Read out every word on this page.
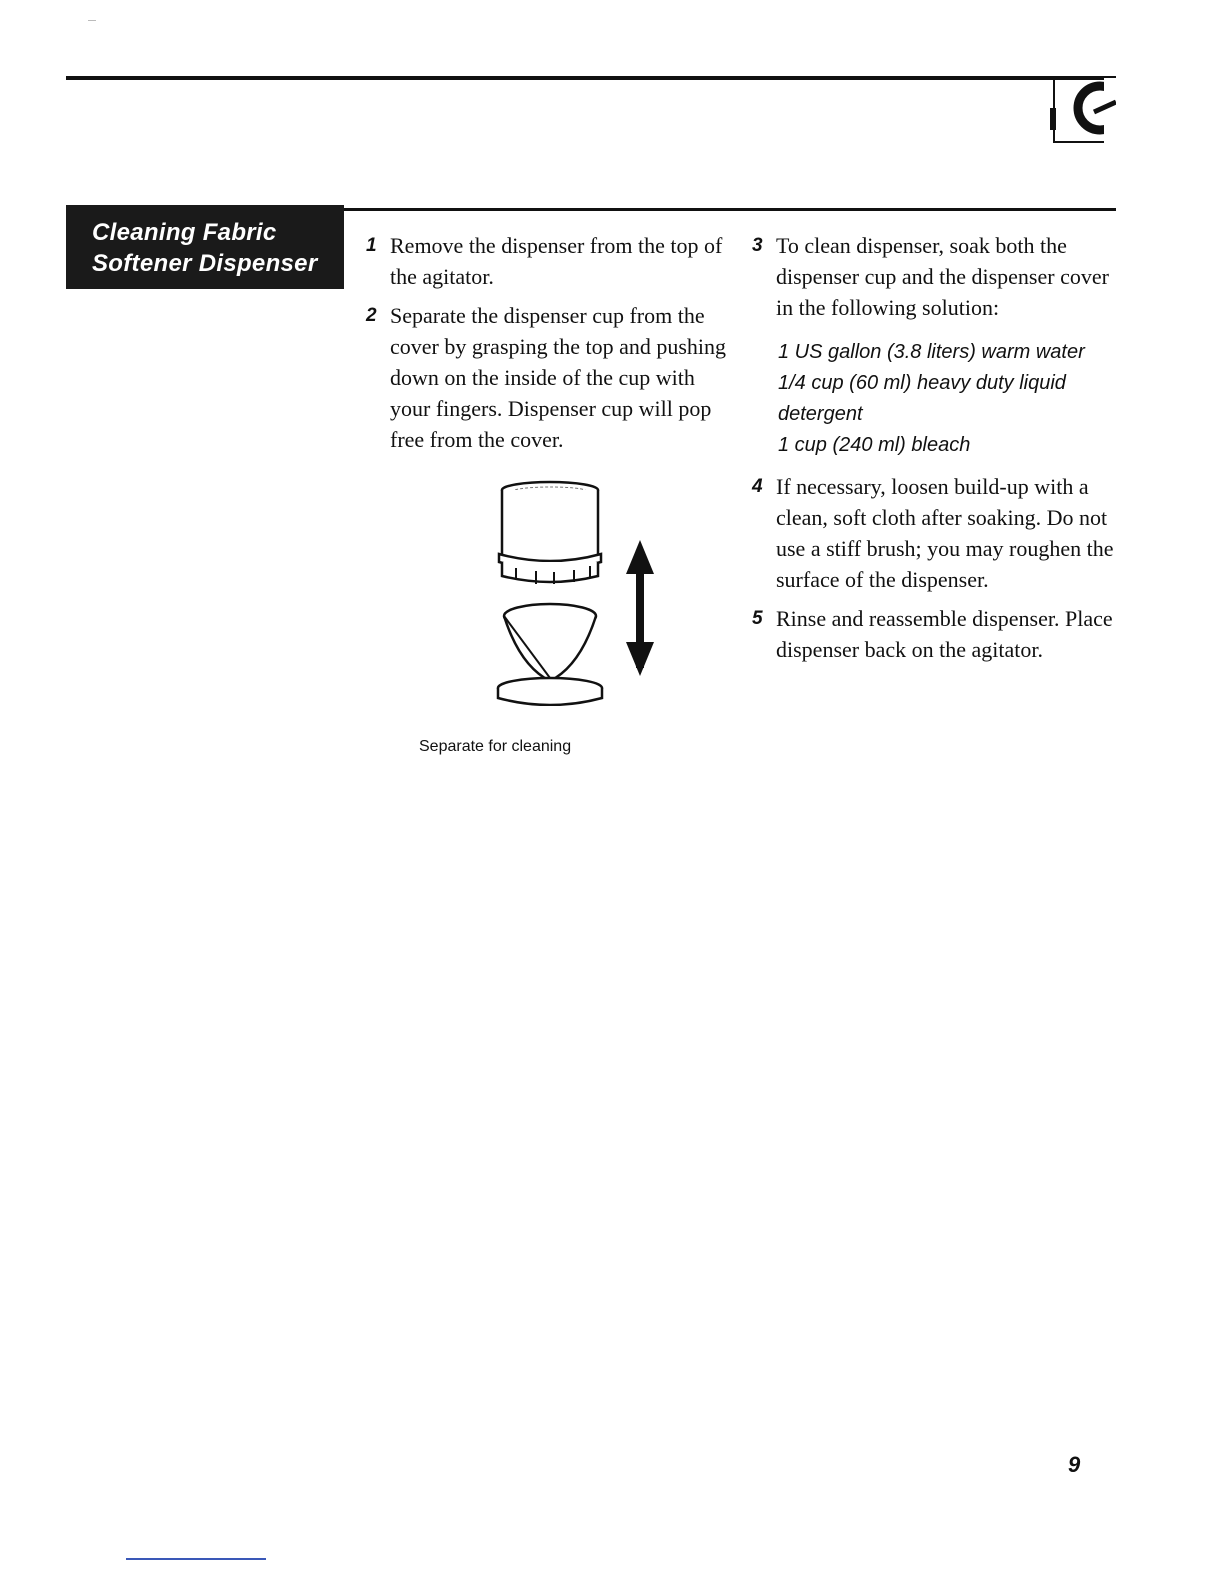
Cleaning Fabric
Softener Dispenser
1 Remove the dispenser from the top of the agitator.
2 Separate the dispenser cup from the cover by grasping the top and pushing down on the inside of the cup with your fingers. Dispenser cup will pop free from the cover.
Separate for cleaning
3 To clean dispenser, soak both the dispenser cup and the dispenser cover in the following solution:
1 US gallon (3.8 liters) warm water
1/4 cup (60 ml) heavy duty liquid detergent
1 cup (240 ml) bleach
4 If necessary, loosen build-up with a clean, soft cloth after soaking. Do not use a stiff brush; you may roughen the surface of the dispenser.
5 Rinse and reassemble dispenser. Place dispenser back on the agitator.
9
